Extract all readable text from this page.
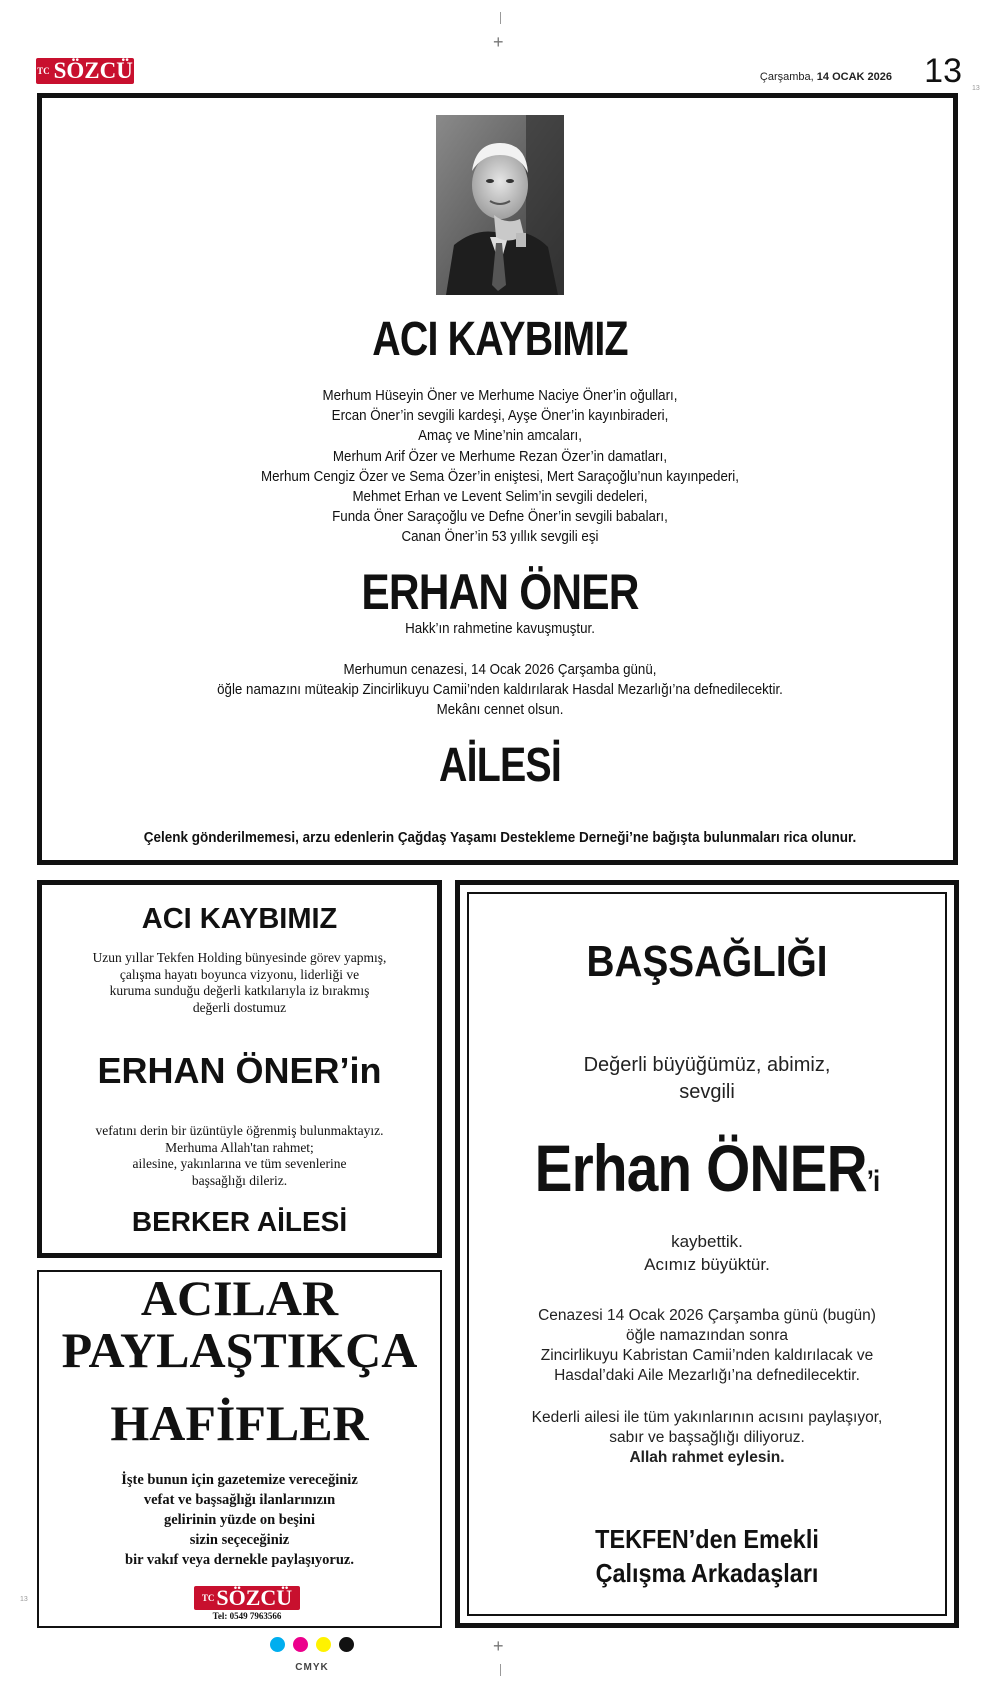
+
+
13
13
TC SÖZCÜ	Çarşamba, 14 OCAK 2026 13
ACI KAYBIMIZ
Merhum Hüseyin Öner ve Merhume Naciye Öner’in oğulları,
Ercan Öner’in sevgili kardeşi, Ayşe Öner’in kayınbiraderi,
Amaç ve Mine’nin amcaları,
Merhum Arif Özer ve Merhume Rezan Özer’in damatları,
Merhum Cengiz Özer ve Sema Özer’in eniştesi, Mert Saraçoğlu’nun kayınpederi,
Mehmet Erhan ve Levent Selim’in sevgili dedeleri,
Funda Öner Saraçoğlu ve Defne Öner’in sevgili babaları,
Canan Öner’in 53 yıllık sevgili eşi
ERHAN ÖNER
Hakk’ın rahmetine kavuşmuştur.
Merhumun cenazesi, 14 Ocak 2026 Çarşamba günü,
öğle namazını müteakip Zincirlikuyu Camii’nden kaldırılarak Hasdal Mezarlığı’na defnedilecektir.
Mekânı cennet olsun.
AİLESİ
Çelenk gönderilmemesi, arzu edenlerin Çağdaş Yaşamı Destekleme Derneği’ne bağışta bulunmaları rica olunur.
ACI KAYBIMIZ
Uzun yıllar Tekfen Holding bünyesinde görev yapmış,
çalışma hayatı boyunca vizyonu, liderliği ve
kuruma sunduğu değerli katkılarıyla iz bırakmış
değerli dostumuz
ERHAN ÖNER’in
vefatını derin bir üzüntüyle öğrenmiş bulunmaktayız.
Merhuma Allah'tan rahmet;
ailesine, yakınlarına ve tüm sevenlerine
başsağlığı dileriz.
BERKER AİLESİ
ACILAR
PAYLAŞTIKÇA
HAFİFLER
İşte bunun için gazetemize vereceğiniz
vefat ve başsağlığı ilanlarınızın
gelirinin yüzde on beşini
sizin seçeceğiniz
bir vakıf veya dernekle paylaşıyoruz.
TC SÖZCÜ
Tel: 0549 7963566
BAŞSAĞLIĞI
Değerli büyüğümüz, abimiz,
sevgili
Erhan ÖNER’i
kaybettik.
Acımız büyüktür.
Cenazesi 14 Ocak 2026 Çarşamba günü (bugün)
öğle namazından sonra
Zincirlikuyu Kabristan Camii’nden kaldırılacak ve
Hasdal’daki Aile Mezarlığı’na defnedilecektir.
Kederli ailesi ile tüm yakınlarının acısını paylaşıyor,
sabır ve başsağlığı diliyoruz.
Allah rahmet eylesin.
TEKFEN’den Emekli
Çalışma Arkadaşları
CMYK
